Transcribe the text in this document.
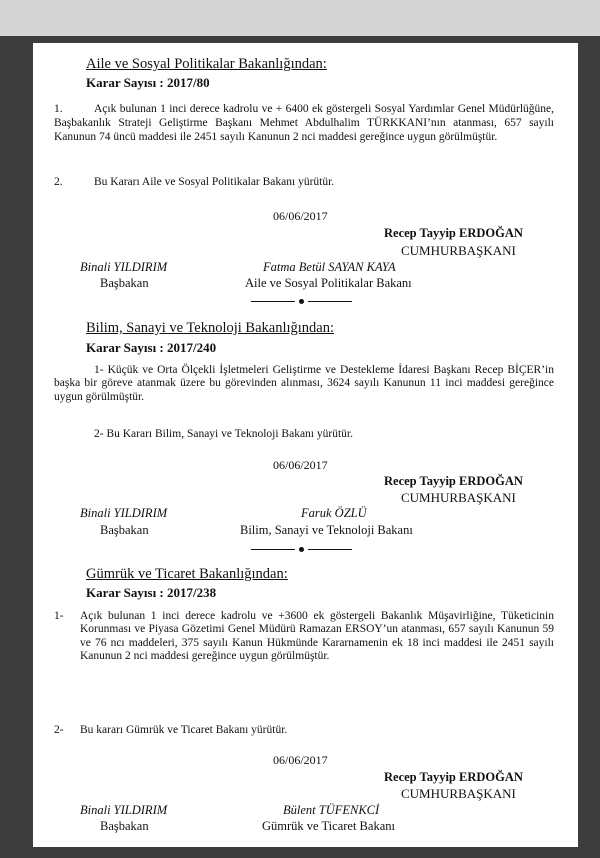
Aile ve Sosyal Politikalar Bakanlığından:
Karar Sayısı : 2017/80
1.	Açık bulunan 1 inci derece kadrolu ve + 6400 ek göstergeli Sosyal Yardımlar Genel Müdürlüğüne, Başbakanlık Strateji Geliştirme Başkanı Mehmet Abdulhalim TÜRKKANI’nın atanması, 657 sayılı Kanunun 74 üncü maddesi ile 2451 sayılı Kanunun 2 nci maddesi gereğince uygun görülmüştür.
2.	Bu Kararı Aile ve Sosyal Politikalar Bakanı yürütür.
06/06/2017
Recep Tayyip ERDOĞAN
CUMHURBAŞKANI
Binali YILDIRIM
Başbakan
Fatma Betül SAYAN KAYA
Aile ve Sosyal Politikalar Bakanı
Bilim, Sanayi ve Teknoloji Bakanlığından:
Karar Sayısı : 2017/240
1- Küçük ve Orta Ölçekli İşletmeleri Geliştirme ve Destekleme İdaresi Başkanı Recep BİÇER’in başka bir göreve atanmak üzere bu görevinden alınması, 3624 sayılı Kanunun 11 inci maddesi gereğince uygun görülmüştür.
2- Bu Kararı Bilim, Sanayi ve Teknoloji Bakanı yürütür.
06/06/2017
Recep Tayyip ERDOĞAN
CUMHURBAŞKANI
Binali YILDIRIM
Başbakan
Faruk ÖZLÜ
Bilim, Sanayi ve Teknoloji Bakanı
Gümrük ve Ticaret Bakanlığından:
Karar Sayısı : 2017/238
1- Açık bulunan 1 inci derece kadrolu ve +3600 ek göstergeli Bakanlık Müşavirliğine, Tüketicinin Korunması ve Piyasa Gözetimi Genel Müdürü Ramazan ERSOY’un atanması, 657 sayılı Kanunun 59 ve 76 ncı maddeleri, 375 sayılı Kanun Hükmünde Kararnamenin ek 18 inci maddesi ile 2451 sayılı Kanunun 2 nci maddesi gereğince uygun görülmüştür.
2- Bu kararı Gümrük ve Ticaret Bakanı yürütür.
06/06/2017
Recep Tayyip ERDOĞAN
CUMHURBAŞKANI
Binali YILDIRIM
Başbakan
Bülent TÜFENKCİ
Gümrük ve Ticaret Bakanı
